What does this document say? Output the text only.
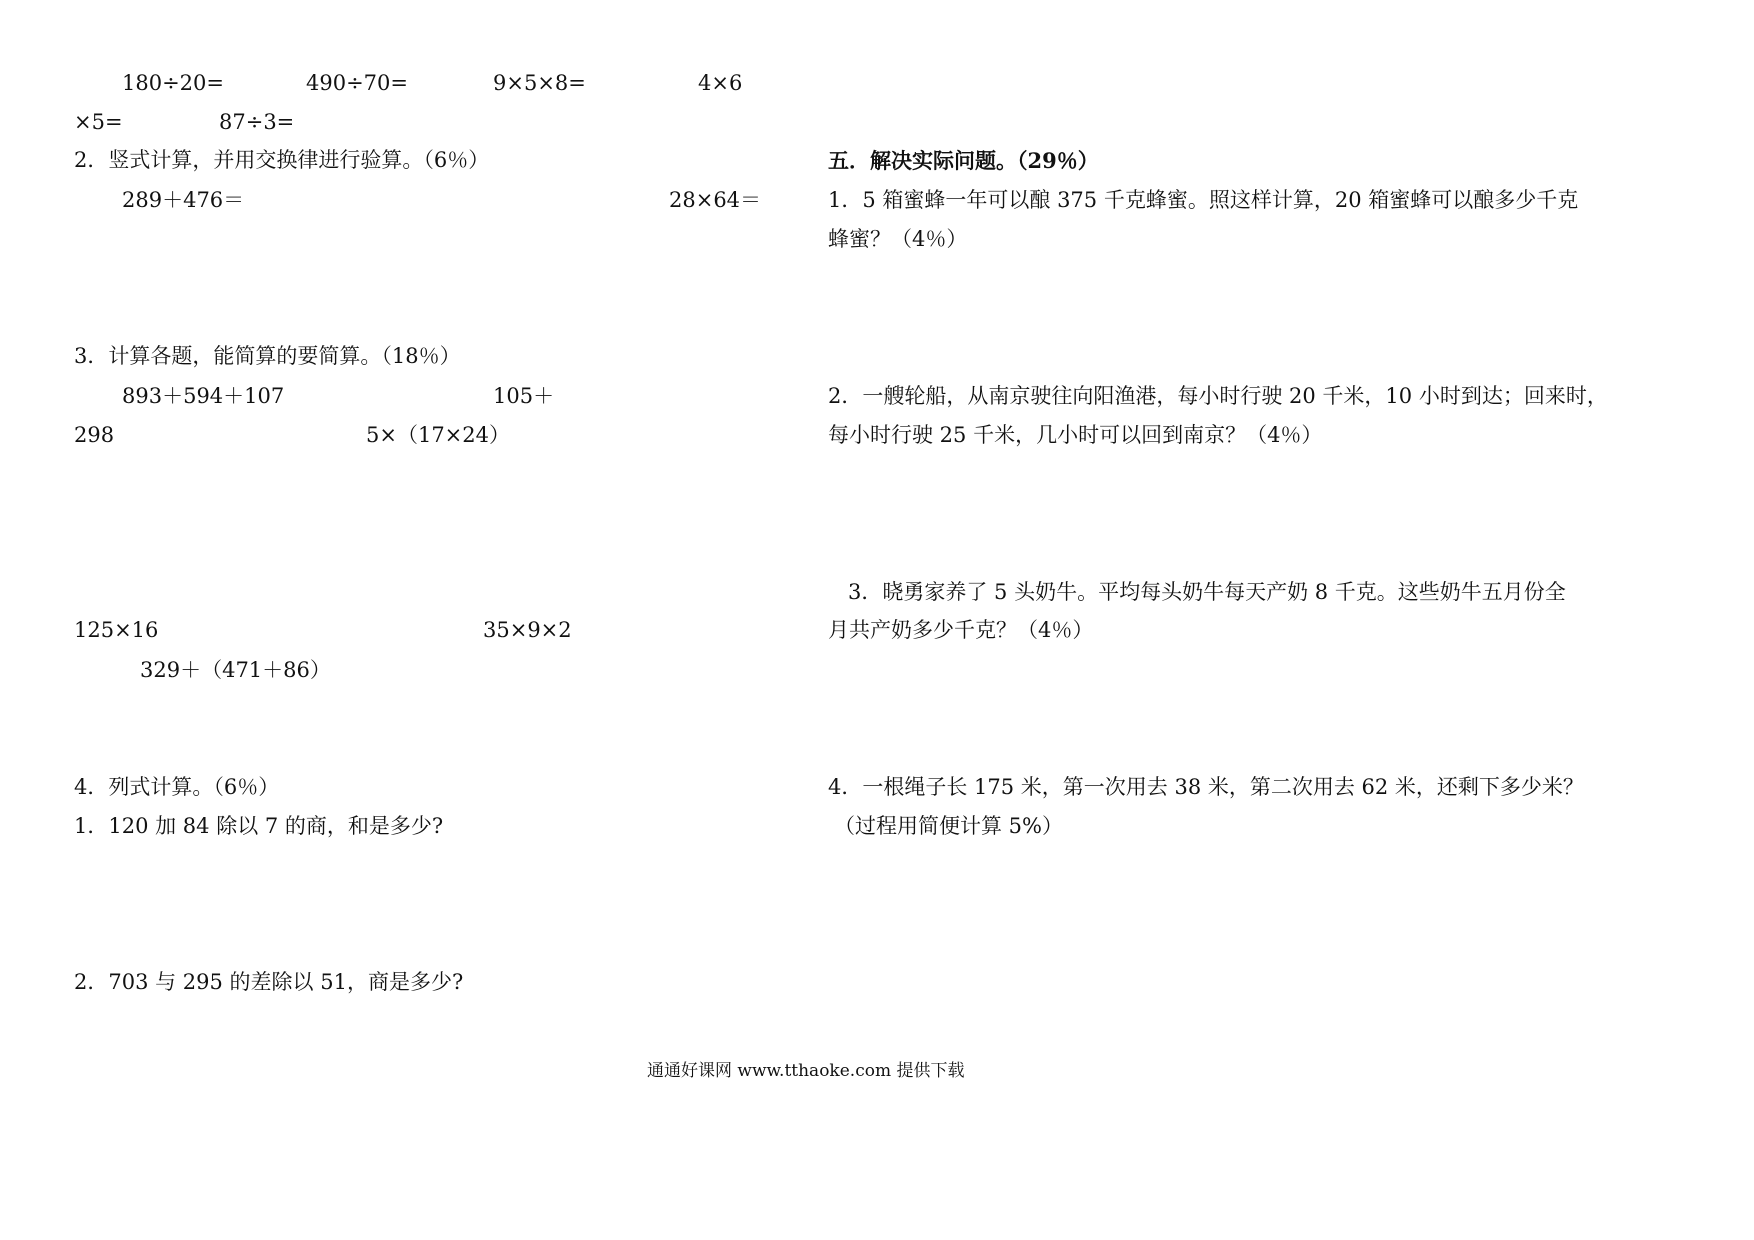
180÷20=	490÷70=	9×5×8=	4×6
×5=	87÷3=
2．竖式计算，并用交换律进行验算。（6％）
289＋476＝	28×64＝
3．计算各题，能简算的要简算。（18％）
893＋594＋107	105＋
298	5×（17×24）
125×16	35×9×2
329＋（471＋86）
4．列式计算。（6％）
1．120 加 84 除以 7 的商，和是多少?
2．703 与 295 的差除以 51，商是多少?
五．解决实际问题。（29％）
1．5 箱蜜蜂一年可以酿 375 千克蜂蜜。照这样计算，20 箱蜜蜂可以酿多少千克
蜂蜜？（4％）
2．一艘轮船，从南京驶往向阳渔港，每小时行驶 20 千米，10 小时到达；回来时，
每小时行驶 25 千米，几小时可以回到南京？（4％）
3．晓勇家养了 5 头奶牛。平均每头奶牛每天产奶 8 千克。这些奶牛五月份全
月共产奶多少千克？（4％）
4．一根绳子长 175 米，第一次用去 38 米，第二次用去 62 米，还剩下多少米？
（过程用简便计算 5%）
通通好课网 www.tthaoke.com 提供下载
